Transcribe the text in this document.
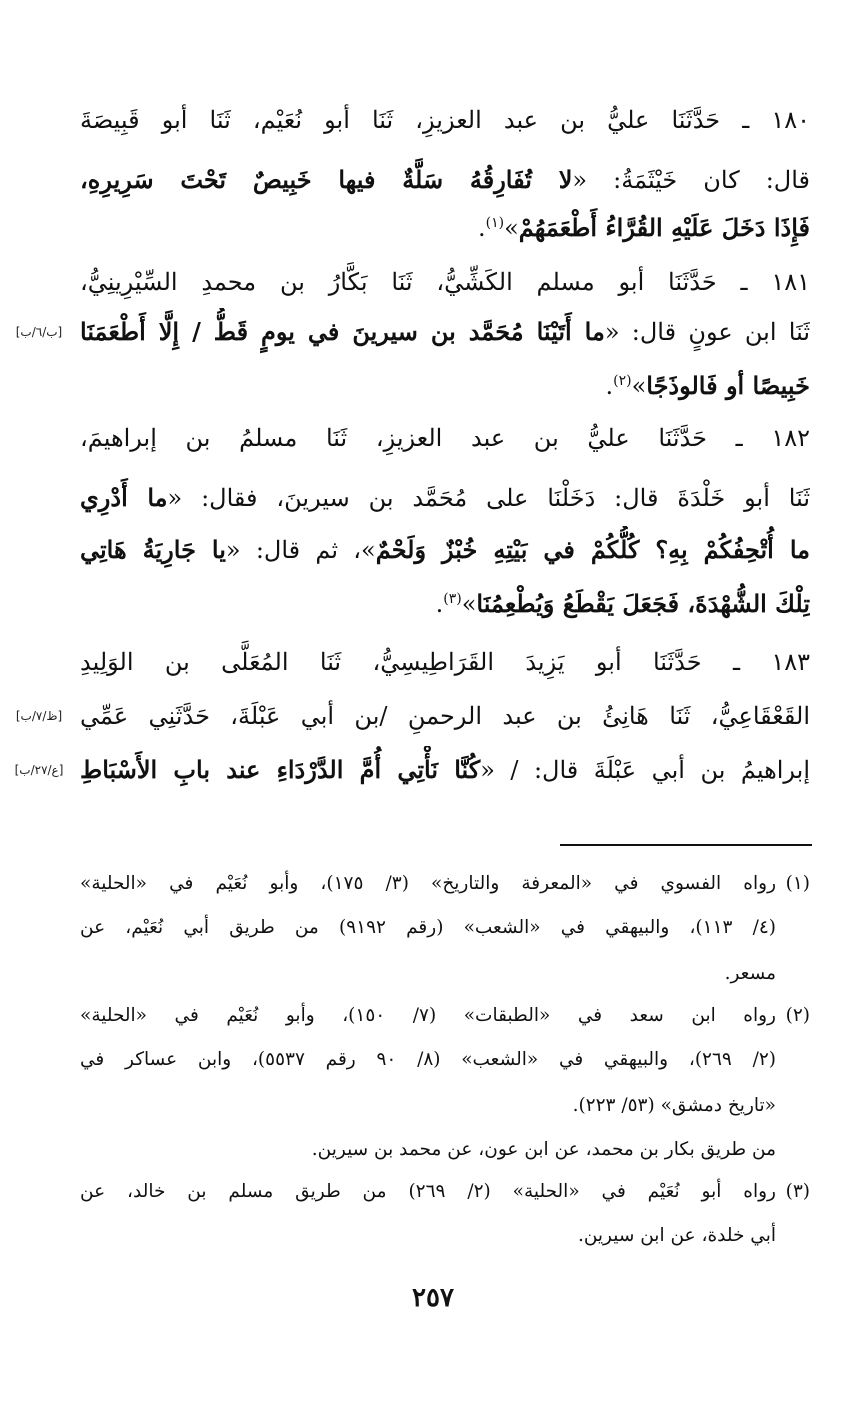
١٨٠ ـ حَدَّثَنَا عليُّ بن عبد العزيزِ، ثَنَا أبو نُعَيْم، ثَنَا أبو قَبِيصَةَ
قال: كان خَيْثَمَةُ: «لا تُفَارِقُهُ سَلَّةٌ فيها خَبِيصٌ تَحْتَ سَرِيرِهِ،
فَإِذَا دَخَلَ عَلَيْهِ القُرَّاءُ أَطْعَمَهُمْ»$^{(١)}$.
١٨١ ـ حَدَّثَنَا أبو مسلم الكَشِّيُّ، ثَنَا بَكَّارُ بن محمدِ السِّيْرِينِيُّ،
ثَنَا ابن عونٍ قال: «ما أَتَيْنَا مُحَمَّد بن سيرينَ في يومٍ قَطُّ / إِلَّا أَطْعَمَنَا
خَبِيصًا أو فَالوذَجًا»$^{(٢)}$.
١٨٢ ـ حَدَّثَنَا عليُّ بن عبد العزيزِ، ثَنَا مسلمُ بن إبراهيمَ،
ثَنَا أبو خَلْدَةَ قال: دَخَلْنَا على مُحَمَّد بن سيرينَ، فقال: «ما أَدْرِي
ما أُتْحِفُكُمْ بِهِ؟ كُلُّكُمْ في بَيْتِهِ خُبْزٌ وَلَحْمٌ»، ثم قال: «يا جَارِيَةُ هَاتِي
تِلْكَ الشُّهْدَةَ، فَجَعَلَ يَقْطَعُ وَيُطْعِمُنَا»$^{(٣)}$.
١٨٣ ـ حَدَّثَنَا أبو يَزِيدَ القَرَاطِيسِيُّ، ثَنَا المُعَلَّى بن الوَلِيدِ
القَعْقَاعِيُّ، ثَنَا هَانِئُ بن عبد الرحمنِ /بن أبي عَبْلَةَ، حَدَّثَنِي عَمِّي
إبراهيمُ بن أبي عَبْلَةَ قال: / «كُنَّا نَأْتِي أُمَّ الدَّرْدَاءِ عند بابِ الأَسْبَاطِ
(١)رواه الفسوي في «المعرفة والتاريخ» (٣/ ١٧٥)، وأبو نُعَيْم في «الحلية»
(٤/ ١١٣)، والبيهقي في «الشعب» (رقم ٩١٩٢) من طريق أبي نُعَيْم، عن
مسعر.
(٢)رواه ابن سعد في «الطبقات» (٧/ ١٥٠)، وأبو نُعَيْم في «الحلية»
(٢/ ٢٦٩)، والبيهقي في «الشعب» (٨/ ٩٠ رقم ٥٥٣٧)، وابن عساكر في
«تاريخ دمشق» (٥٣/ ٢٢٣).
من طريق بكار بن محمد، عن ابن عون، عن محمد بن سيرين.
(٣)رواه أبو نُعَيْم في «الحلية» (٢/ ٢٦٩) من طريق مسلم بن خالد، عن
أبي خلدة، عن ابن سيرين.
٢٥٧
[ب/٦/ب]
[ظ/٧/ب]
[ع/٢٧/ب]
